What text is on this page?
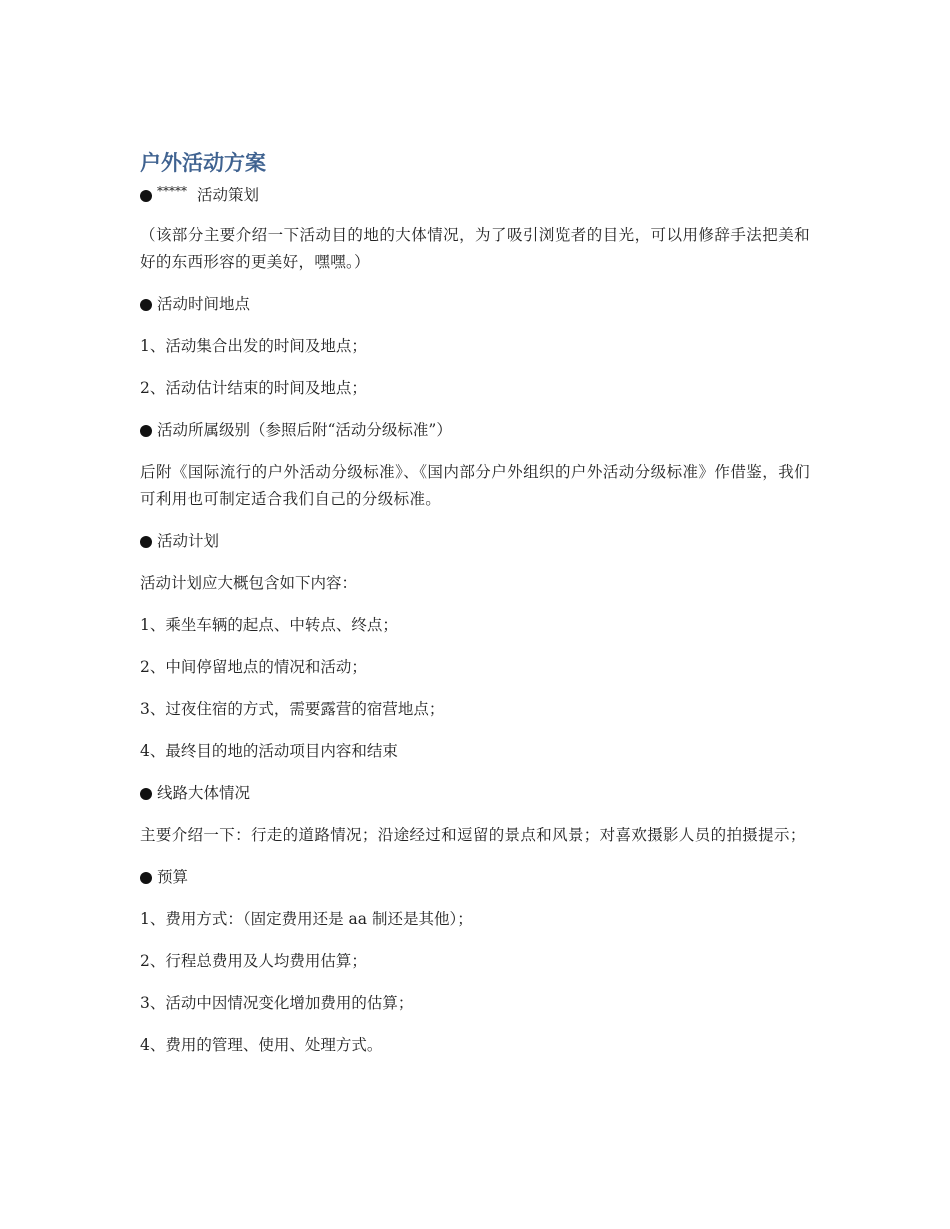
户外活动方案
***** 活动策划
（该部分主要介绍一下活动目的地的大体情况，为了吸引浏览者的目光，可以用修辞手法把美和好的东西形容的更美好，嘿嘿。）
活动时间地点
1、活动集合出发的时间及地点；
2、活动估计结束的时间及地点；
活动所属级别（参照后附“活动分级标准”）
后附《国际流行的户外活动分级标准》、《国内部分户外组织的户外活动分级标准》作借鉴，我们可利用也可制定适合我们自己的分级标准。
活动计划
活动计划应大概包含如下内容：
1、乘坐车辆的起点、中转点、终点；
2、中间停留地点的情况和活动；
3、过夜住宿的方式，需要露营的宿营地点；
4、最终目的地的活动项目内容和结束
线路大体情况
主要介绍一下：行走的道路情况；沿途经过和逗留的景点和风景；对喜欢摄影人员的拍摄提示；
预算
1、费用方式：（固定费用还是 aa 制还是其他）；
2、行程总费用及人均费用估算；
3、活动中因情况变化增加费用的估算；
4、费用的管理、使用、处理方式。
